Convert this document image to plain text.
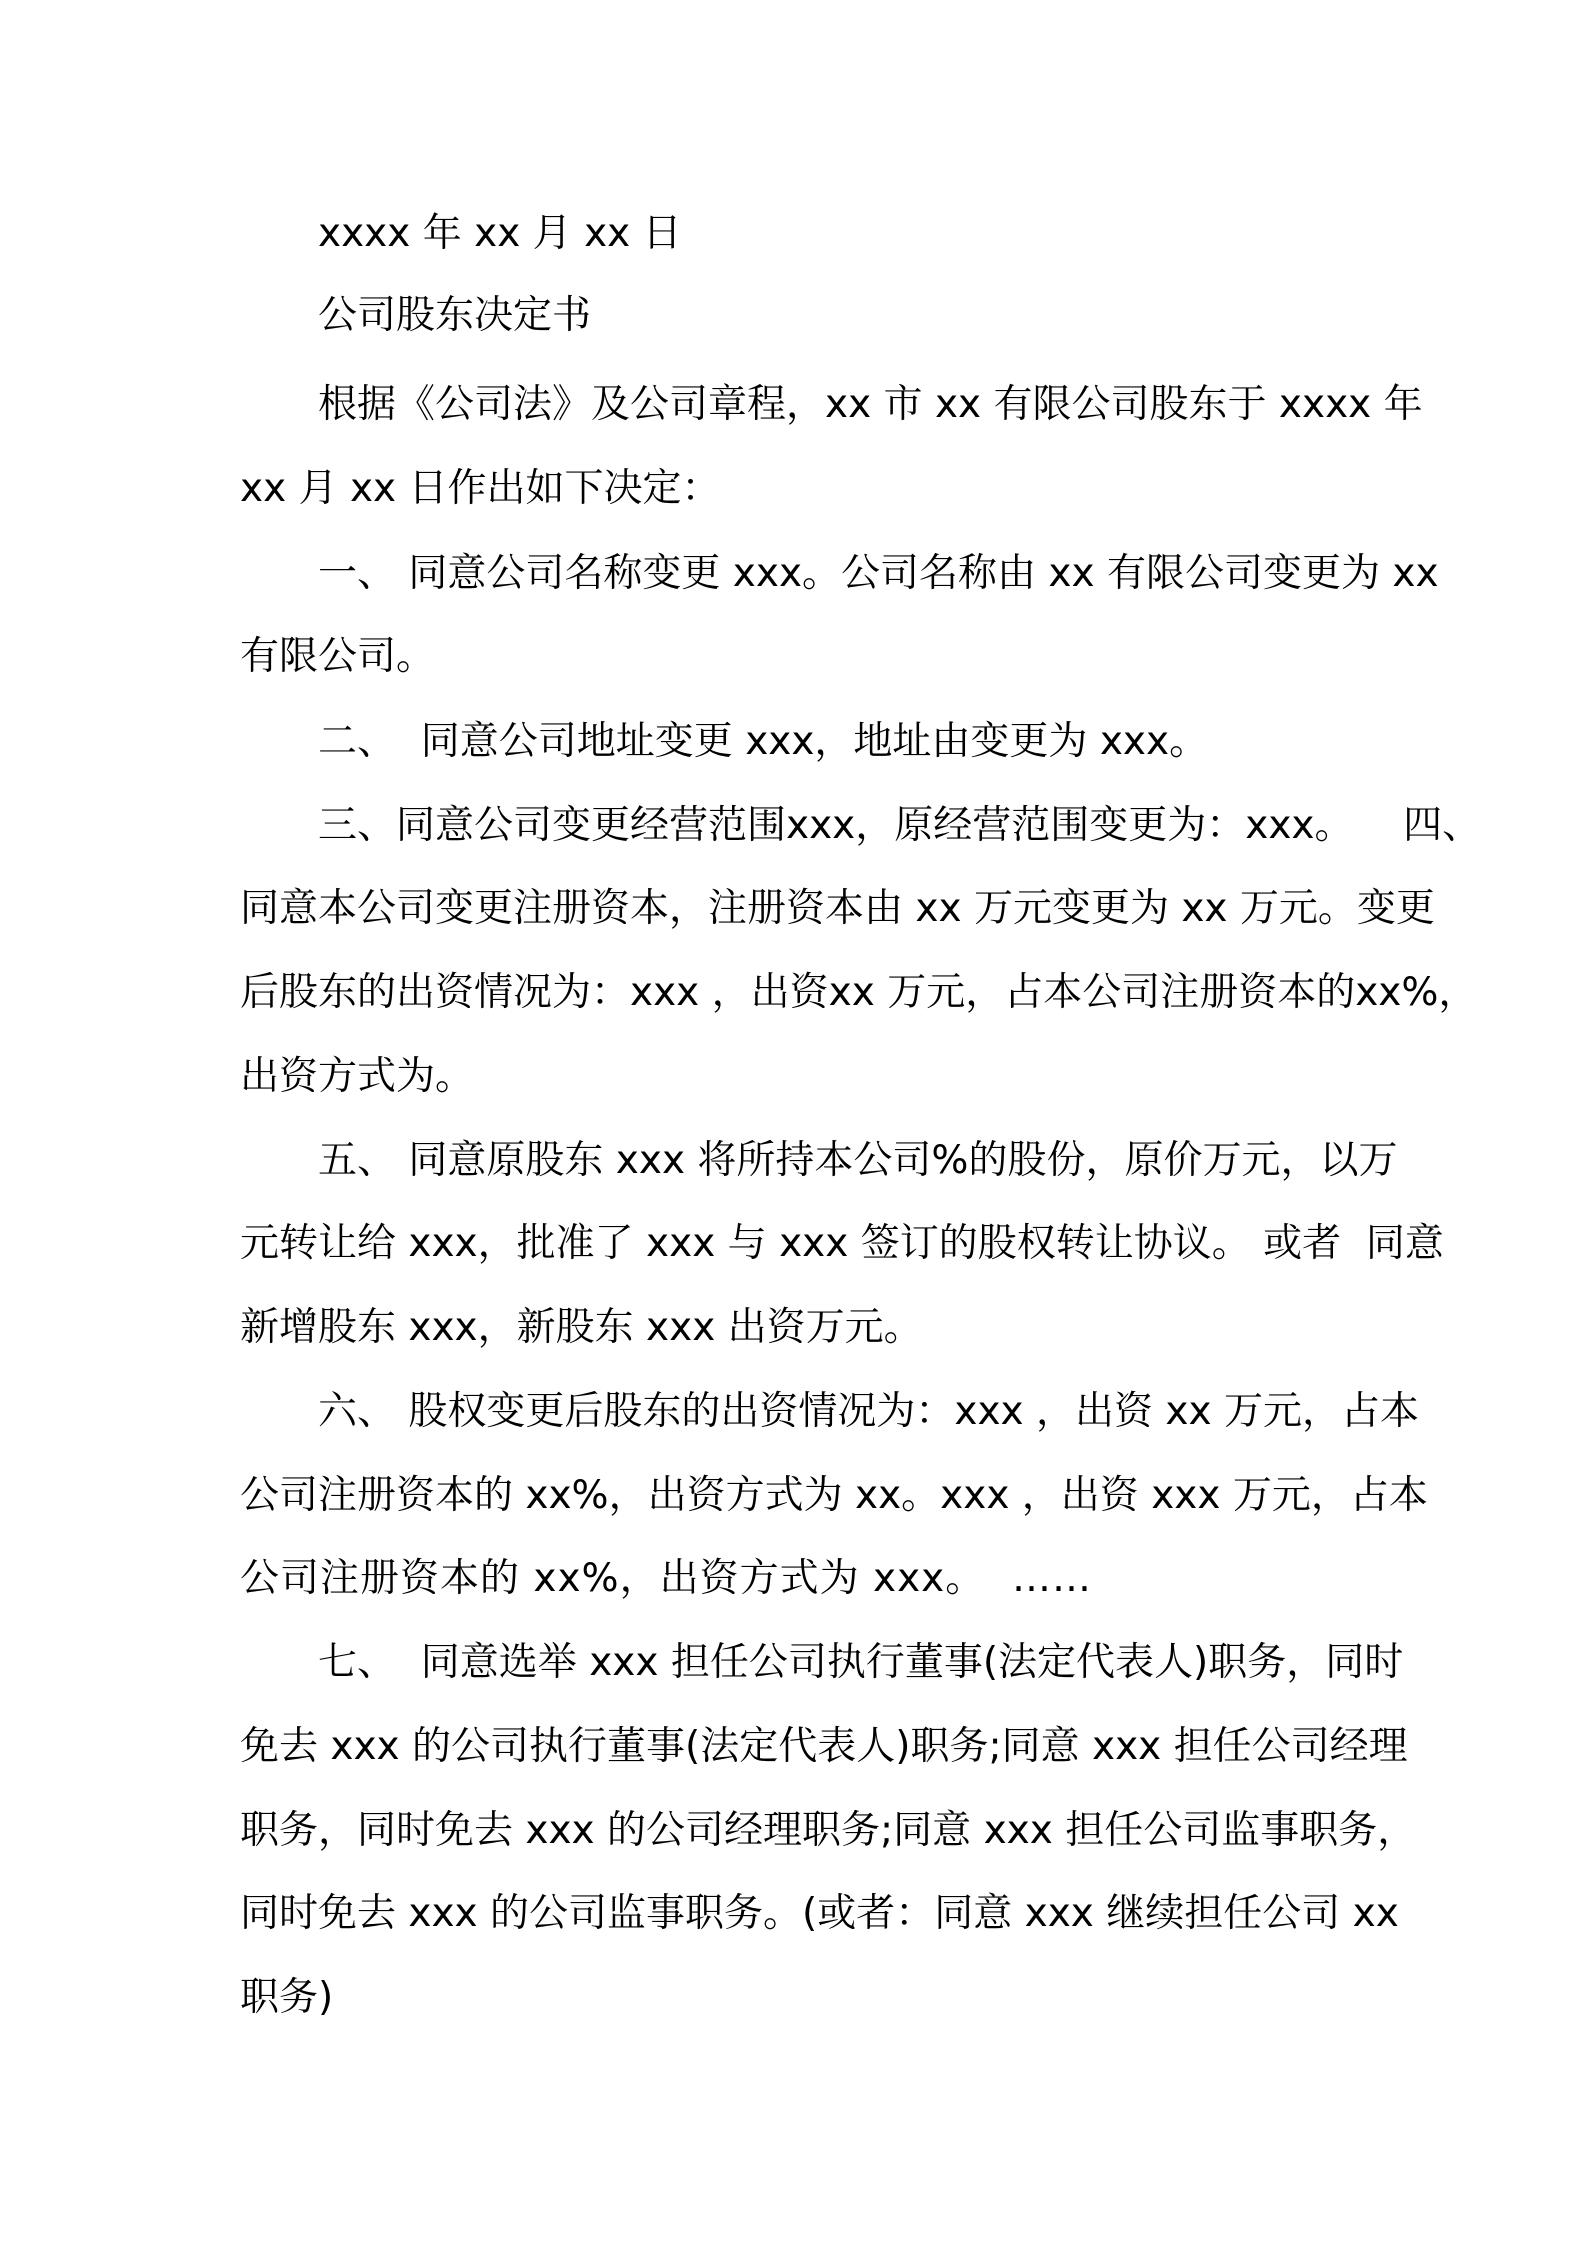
xxxx 年 xx 月 xx 日
公司股东决定书
根据《公司法》及公司章程，xx 市 xx 有限公司股东于 xxxx 年
xx 月 xx 日作出如下决定：
一、 同意公司名称变更 xxx。公司名称由 xx 有限公司变更为 xx
有限公司。
二、  同意公司地址变更 xxx，地址由变更为 xxx。
三、同意公司变更经营范围xxx，原经营范围变更为：xxx。    四、
同意本公司变更注册资本，注册资本由 xx 万元变更为 xx 万元。变更
后股东的出资情况为：xxx ，出资xx 万元，占本公司注册资本的xx%，
出资方式为。
五、 同意原股东 xxx 将所持本公司%的股份，原价万元，以万
元转让给 xxx，批准了 xxx 与 xxx 签订的股权转让协议。 或者  同意
新增股东 xxx，新股东 xxx 出资万元。
六、 股权变更后股东的出资情况为：xxx ，出资 xx 万元，占本
公司注册资本的 xx%，出资方式为 xx。xxx ，出资 xxx 万元，占本
公司注册资本的 xx%，出资方式为 xxx。  ……
七、  同意选举 xxx 担任公司执行董事(法定代表人)职务，同时
免去 xxx 的公司执行董事(法定代表人)职务;同意 xxx 担任公司经理
职务，同时免去 xxx 的公司经理职务;同意 xxx 担任公司监事职务，
同时免去 xxx 的公司监事职务。(或者：同意 xxx 继续担任公司 xx
职务)
